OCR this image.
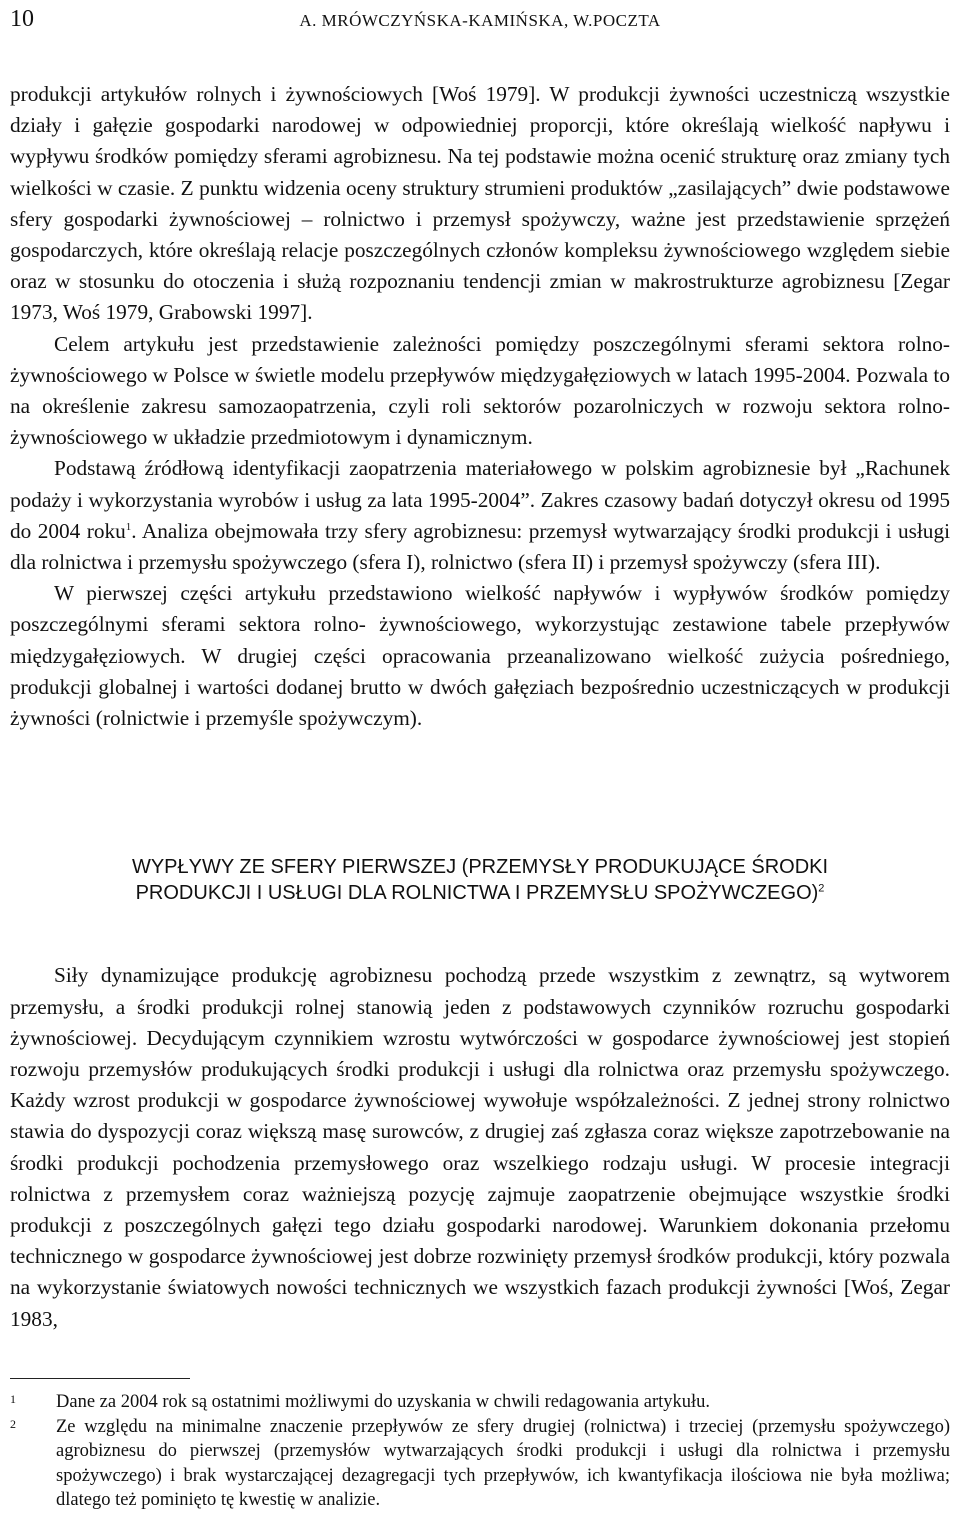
10	A. MRÓWCZYŃSKA-KAMIŃSKA, W.POCZTA

produkcji artykułów rolnych i żywnościowych [Woś 1979]. W produkcji żywności uczestniczą wszystkie działy i gałęzie gospodarki narodowej w odpowiedniej proporcji, które określają wielkość napływu i wypływu środków pomiędzy sferami agrobiznesu. Na tej podstawie można ocenić strukturę oraz zmiany tych wielkości w czasie. Z punktu widzenia oceny struktury strumieni produktów „zasilających” dwie podstawowe sfery gospodarki żywnościowej – rolnictwo i przemysł spożywczy, ważne jest przedstawienie sprzężeń gospodarczych, które określają relacje poszczególnych członów kompleksu żywnościowego względem siebie oraz w stosunku do otoczenia i służą rozpoznaniu tendencji zmian w makrostrukturze agrobiznesu [Zegar 1973, Woś 1979, Grabowski 1997].

Celem artykułu jest przedstawienie zależności pomiędzy poszczególnymi sferami sektora rolno-żywnościowego w Polsce w świetle modelu przepływów międzygałęziowych w latach 1995-2004. Pozwala to na określenie zakresu samozaopatrzenia, czyli roli sektorów pozarolniczych w rozwoju sektora rolno-żywnościowego w układzie przedmiotowym i dynamicznym.

Podstawą źródłową identyfikacji zaopatrzenia materiałowego w polskim agrobiznesie był „Rachunek podaży i wykorzystania wyrobów i usług za lata 1995-2004”. Zakres czasowy badań dotyczył okresu od 1995 do 2004 roku$^1$. Analiza obejmowała trzy sfery agrobiznesu: przemysł wytwarzający środki produkcji i usługi dla rolnictwa i przemysłu spożywczego (sfera I), rolnictwo (sfera II) i przemysł spożywczy (sfera III).

W pierwszej części artykułu przedstawiono wielkość napływów i wypływów środków pomiędzy poszczególnymi sferami sektora rolno- żywnościowego, wykorzystując zestawione tabele przepływów międzygałęziowych. W drugiej części opracowania przeanalizowano wielkość zużycia pośredniego, produkcji globalnej i wartości dodanej brutto w dwóch gałęziach bezpośrednio uczestniczących w produkcji żywności (rolnictwie i przemyśle spożywczym).

WYPŁYWY ZE SFERY PIERWSZEJ (PRZEMYSŁY PRODUKUJĄCE ŚRODKI
PRODUKCJI I USŁUGI DLA ROLNICTWA I PRZEMYSŁU SPOŻYWCZEGO)$^2$

Siły dynamizujące produkcję agrobiznesu pochodzą przede wszystkim z zewnątrz, są wytworem przemysłu, a środki produkcji rolnej stanowią jeden z podstawowych czynników rozruchu gospodarki żywnościowej. Decydującym czynnikiem wzrostu wytwórczości w gospodarce żywnościowej jest stopień rozwoju przemysłów produkujących środki produkcji i usługi dla rolnictwa oraz przemysłu spożywczego. Każdy wzrost produkcji w gospodarce żywnościowej wywołuje współzależności. Z jednej strony rolnictwo stawia do dyspozycji coraz większą masę surowców, z drugiej zaś zgłasza coraz większe zapotrzebowanie na środki produkcji pochodzenia przemysłowego oraz wszelkiego rodzaju usługi. W procesie integracji rolnictwa z przemysłem coraz ważniejszą pozycję zajmuje zaopatrzenie obejmujące wszystkie środki produkcji z poszczególnych gałęzi tego działu gospodarki narodowej. Warunkiem dokonania przełomu technicznego w gospodarce żywnościowej jest dobrze rozwinięty przemysł środków produkcji, który pozwala na wykorzystanie światowych nowości technicznych we wszystkich fazach produkcji żywności [Woś, Zegar 1983,

1	Dane za 2004 rok są ostatnimi możliwymi do uzyskania w chwili redagowania artykułu.
2	Ze względu na minimalne znaczenie przepływów ze sfery drugiej (rolnictwa) i trzeciej (przemysłu spożywczego) agrobiznesu do pierwszej (przemysłów wytwarzających środki produkcji i usługi dla rolnictwa i przemysłu spożywczego) i brak wystarczającej dezagregacji tych przepływów, ich kwantyfikacja ilościowa nie była możliwa; dlatego też pominięto tę kwestię w analizie.
